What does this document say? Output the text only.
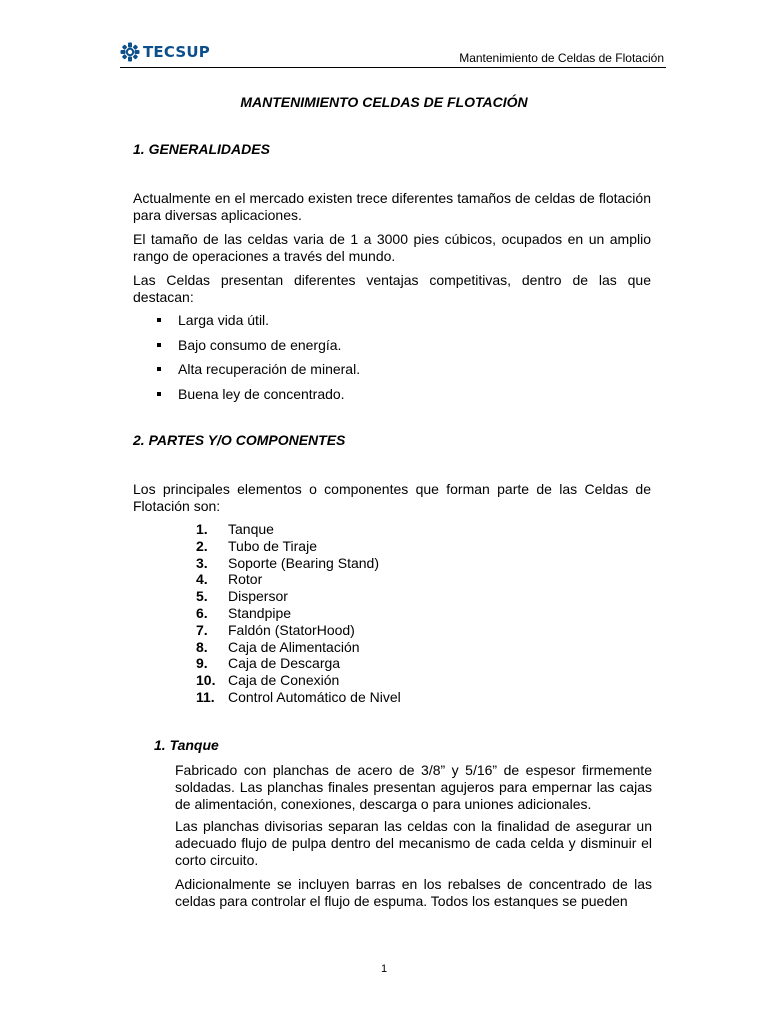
TECSUP	Mantenimiento de Celdas de Flotación
MANTENIMIENTO CELDAS DE FLOTACIÓN
1. GENERALIDADES
Actualmente en el mercado existen trece diferentes tamaños de celdas de flotación para diversas aplicaciones.
El tamaño de las celdas varia de 1 a 3000 pies cúbicos, ocupados en un amplio rango de operaciones a través del mundo.
Las Celdas presentan diferentes ventajas competitivas, dentro de las que destacan:
Larga vida útil.
Bajo consumo de energía.
Alta recuperación de mineral.
Buena ley de concentrado.
2. PARTES Y/O COMPONENTES
Los principales elementos o componentes que forman parte de las Celdas de Flotación son:
1. Tanque
2. Tubo de Tiraje
3. Soporte (Bearing Stand)
4. Rotor
5. Dispersor
6. Standpipe
7. Faldón (StatorHood)
8. Caja de Alimentación
9. Caja de Descarga
10. Caja de Conexión
11. Control Automático de Nivel
1. Tanque
Fabricado con planchas de acero de 3/8” y 5/16” de espesor firmemente soldadas. Las planchas finales presentan agujeros para empernar las cajas de alimentación, conexiones, descarga o para uniones adicionales.
Las planchas divisorias separan las celdas con la finalidad de asegurar un adecuado flujo de pulpa dentro del mecanismo de cada celda y disminuir el corto circuito.
Adicionalmente se incluyen barras en los rebalses de concentrado de las celdas para controlar el flujo de espuma. Todos los estanques se pueden
1
